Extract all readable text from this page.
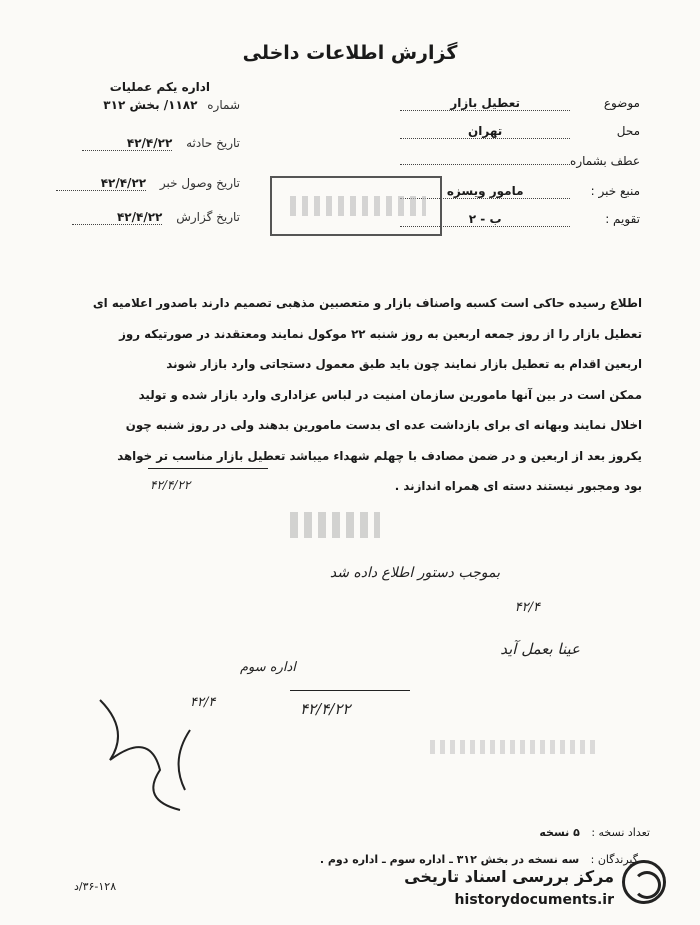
گزارش اطلاعات داخلی
اداره یکم عملیات
شماره ۱۱۸۲/ بخش ۳۱۲
تاریخ حادثه ۴۲/۴/۲۲
تاریخ وصول خبر ۴۲/۴/۲۲
تاریخ گزارش ۴۲/۴/۲۲
موضوع تعطیل بازار
محل تهران
عطف بشماره
منبع خبر : مامور ویسزه
تقویم : ب - ۲

اطلاع رسیده حاکی است کسبه واصناف بازار و متعصبین مذهبی تصمیم دارند باصدور اعلامیه ای

تعطیل بازار را از روز جمعه اربعین به روز شنبه ۲۲ موکول نمایند ومعتقدند در صورتیکه روز

اربعین اقدام به تعطیل بازار نمایند چون باید طبق معمول دستجاتی وارد بازار شوند

ممکن است در بین آنها مامورین سازمان امنیت در لباس عزاداری وارد بازار شده و تولید

اخلال نمایند وبهانه ای برای بازداشت عده ای بدست مامورین بدهند ولی در روز شنبه چون

یکروز بعد از اربعین و در ضمن مصادف با چهلم شهداء میباشد تعطیل بازار مناسب تر خواهد

بود ومجبور نیستند دسته ای همراه اندازند .

۴۲/۴/۲۲
بموجب دستور اطلاع داده شد
۴۲/۴
عینا بعمل آید
۴۲/۴/۲۲
اداره سوم
۴۲/۴
تعداد نسخه : ۵ نسخه
گیرندگان : سه نسخه در بخش ۳۱۲ ـ اداره سوم ـ اداره دوم .
۳۶-۱۲۸/د
مرکز بررسی اسناد تاریخی
historydocuments.ir
